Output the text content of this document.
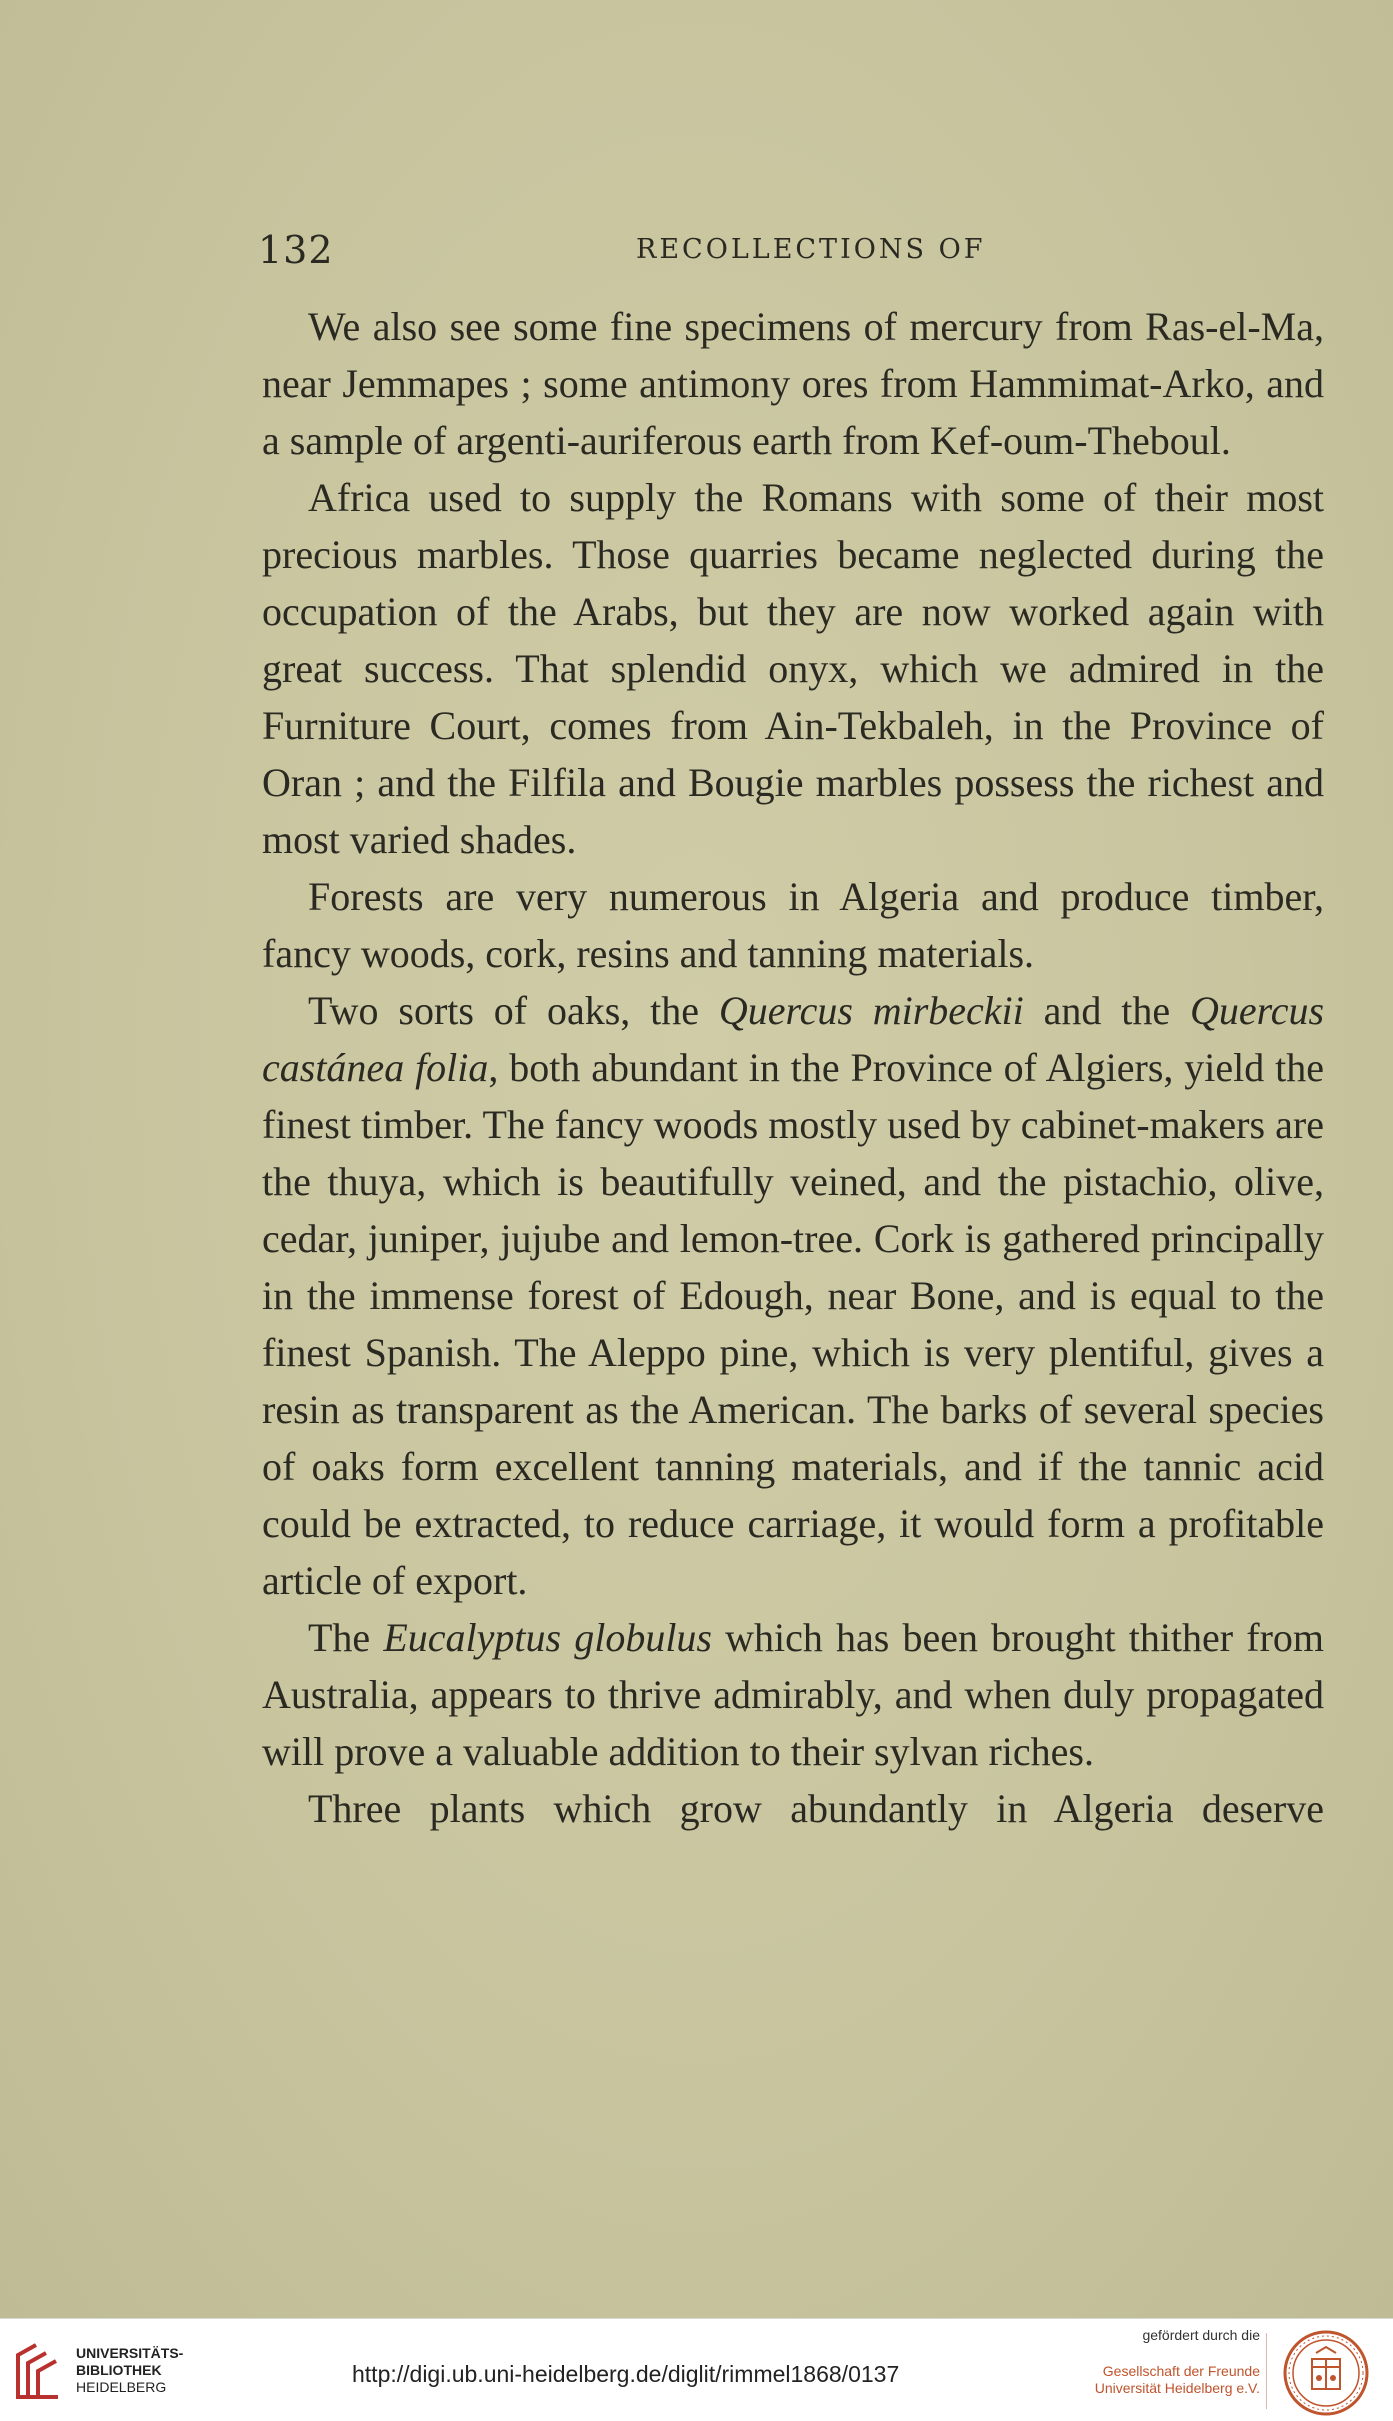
132	RECOLLECTIONS OF

We also see some fine specimens of mercury from Ras-el-Ma, near Jemmapes ; some antimony ores from Hammimat-Arko, and a sample of argenti-auriferous earth from Kef-oum-Theboul.

Africa used to supply the Romans with some of their most precious marbles. Those quarries became neglected during the occupation of the Arabs, but they are now worked again with great success. That splendid onyx, which we admired in the Furniture Court, comes from Ain-Tekbaleh, in the Province of Oran ; and the Filfila and Bougie marbles possess the richest and most varied shades.

Forests are very numerous in Algeria and produce timber, fancy woods, cork, resins and tanning materials.

Two sorts of oaks, the Quercus mirbeckii and the Quercus castánea folia, both abundant in the Province of Algiers, yield the finest timber. The fancy woods mostly used by cabinet-makers are the thuya, which is beautifully veined, and the pistachio, olive, cedar, juniper, jujube and lemon-tree. Cork is gathered principally in the immense forest of Edough, near Bone, and is equal to the finest Spanish. The Aleppo pine, which is very plentiful, gives a resin as transparent as the American. The barks of several species of oaks form excellent tanning materials, and if the tannic acid could be extracted, to reduce carriage, it would form a profitable article of export.

The Eucalyptus globulus which has been brought thither from Australia, appears to thrive admirably, and when duly propagated will prove a valuable addition to their sylvan riches.

Three plants which grow abundantly in Algeria deserve

UNIVERSITÄTS-
BIBLIOTHEK
HEIDELBERG	http://digi.ub.uni-heidelberg.de/diglit/rimmel1868/0137
gefördert durch die
Gesellschaft der Freunde
Universität Heidelberg e.V.
